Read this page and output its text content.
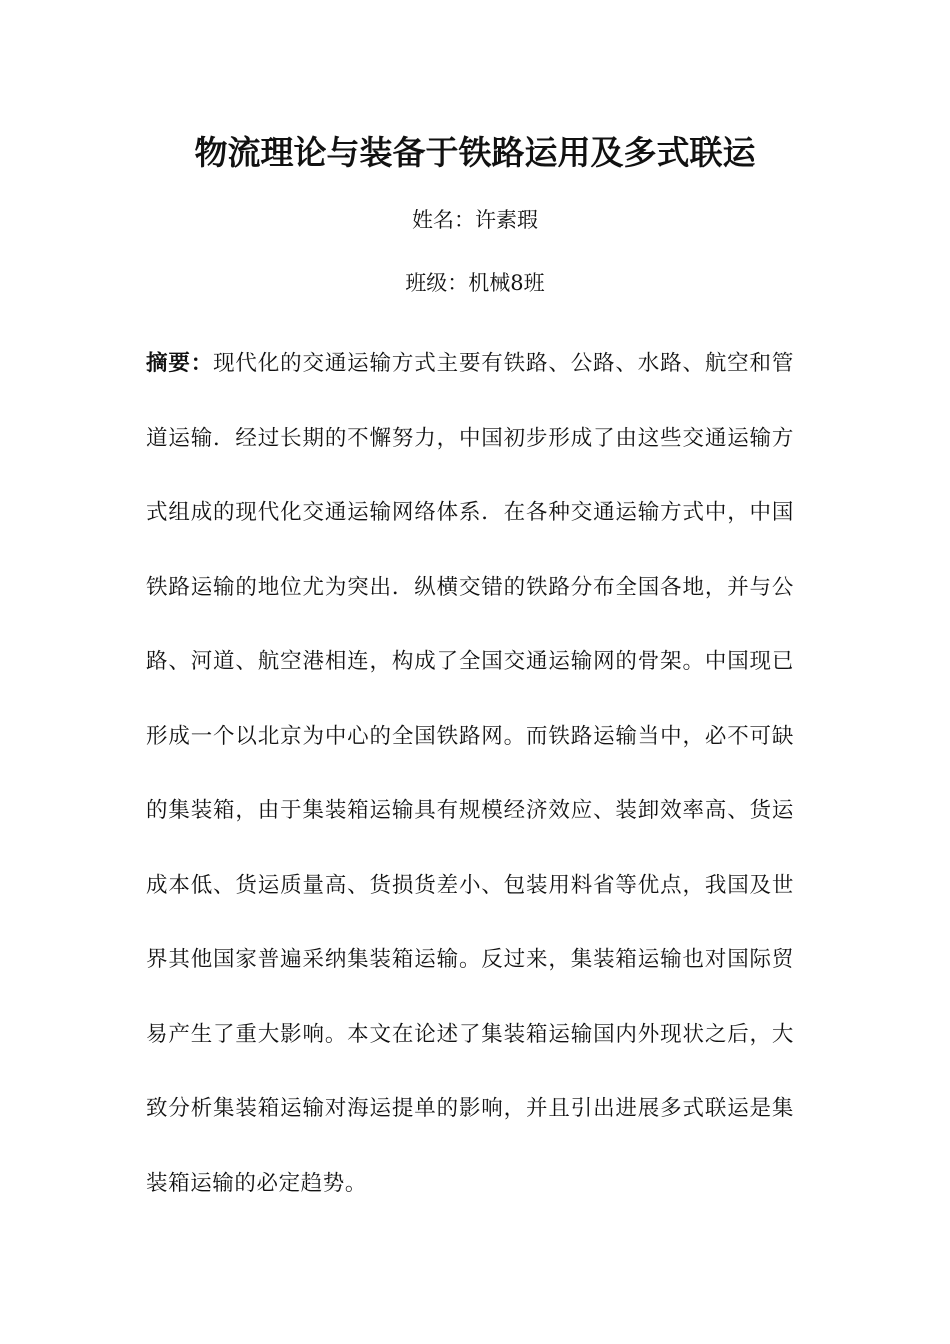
物流理论与装备于铁路运用及多式联运

姓名：许素瑕

班级：机械8班

摘要：现代化的交通运输方式主要有铁路、公路、水路、航空和管道运输．经过长期的不懈努力，中国初步形成了由这些交通运输方式组成的现代化交通运输网络体系．在各种交通运输方式中，中国铁路运输的地位尤为突出．纵横交错的铁路分布全国各地，并与公路、河道、航空港相连，构成了全国交通运输网的骨架。中国现已形成一个以北京为中心的全国铁路网。而铁路运输当中，必不可缺的集装箱，由于集装箱运输具有规模经济效应、装卸效率高、货运成本低、货运质量高、货损货差小、包装用料省等优点，我国及世界其他国家普遍采纳集装箱运输。反过来，集装箱运输也对国际贸易产生了重大影响。本文在论述了集装箱运输国内外现状之后，大致分析集装箱运输对海运提单的影响，并且引出进展多式联运是集装箱运输的必定趋势。
